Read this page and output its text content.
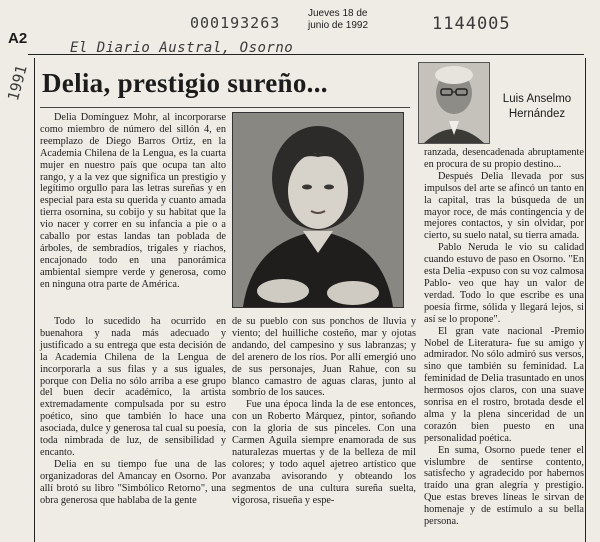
A2
Jueves 18 de
junio de 1992
000193263	1144005
El Diario Austral, Osorno
1991 Delia, prestigio sureño...
Luis Anselmo Hernández

Delia Domínguez Mohr, al incorporarse como miembro de número del sillón 4, en reemplazo de Diego Barros Ortiz, en la Academia Chilena de la Lengua, es la cuarta mujer en nuestro país que ocupa tan alto rango, y a la vez que significa un prestigio y legítimo orgullo para las letras sureñas y en especial para esta su querida y cuanto amada tierra osornina, su cobijo y su habitat que la vio nacer y correr en su infancia a pie o a caballo por estas landas tan poblada de árboles, de sembradíos, trigales y riachos, encajonado todo en una panorámica ambiental siempre verde y generosa, como en ninguna otra parte de América.

ranzada, desencadenada abruptamente en procura de su propio destino...

Después Delia llevada por sus impulsos del arte se afincó un tanto en la capital, tras la búsqueda de un mayor roce, de más contingencia y de mejores contactos, y sin olvidar, por cierto, su suelo natal, su tierra amada.

Pablo Neruda le vio su calidad cuando estuvo de paso en Osorno. "En esta Delia -expuso con su voz calmosa Pablo- veo que hay un valor de verdad. Todo lo que escribe es una poesía firme, sólida y llegará lejos, si así se lo propone".

El gran vate nacional -Premio Nobel de Literatura- fue su amigo y admirador. No sólo admiró sus versos, sino que también su feminidad. La feminidad de Delia trasuntado en unos hermosos ojos claros, con una suave sonrisa en el rostro, brotada desde el alma y la plena sinceridad de un corazón bien puesto en una personalidad poética.

En suma, Osorno puede tener el vislumbre de sentirse contento, satisfecho y agradecido por habernos traído una gran alegría y prestigio. Que estas breves líneas le sirvan de homenaje y de estímulo a su bella persona.

Todo lo sucedido ha ocurrido en buenahora y nada más adecuado y justificado a su entrega que esta decisión de la Academia Chilena de la Lengua de incorporarla a sus filas y a sus iguales, porque con Delia no sólo arriba a ese grupo del buen decir académico, la artista extremadamente compulsada por su estro poético, sino que también lo hace una asociada, dulce y generosa tal cual su poesía, toda nimbrada de luz, de sensibilidad y encanto.

Delia en su tiempo fue una de las organizadoras del Amancay en Osorno. Por allí brotó su libro "Simbólico Retorno", una obra generosa que hablaba de la gente

de su pueblo con sus ponchos de lluvia y viento; del huilliche costeño, mar y ojotas andando, del campesino y sus labranzas; y del arenero de los ríos. Por allí emergió uno de sus personajes, Juan Rahue, con su blanco camastro de aguas claras, junto al sombrío de los sauces.

Fue una época linda la de ese entonces, con un Roberto Márquez, pintor, soñando con la gloria de sus pinceles. Con una Carmen Aguila siempre enamorada de sus naturalezas muertas y de la belleza de mil colores; y todo aquel ajetreo artístico que avanzaba avisorando y obteando los segmentos de una cultura sureña suelta, vigorosa, risueña y espe-
